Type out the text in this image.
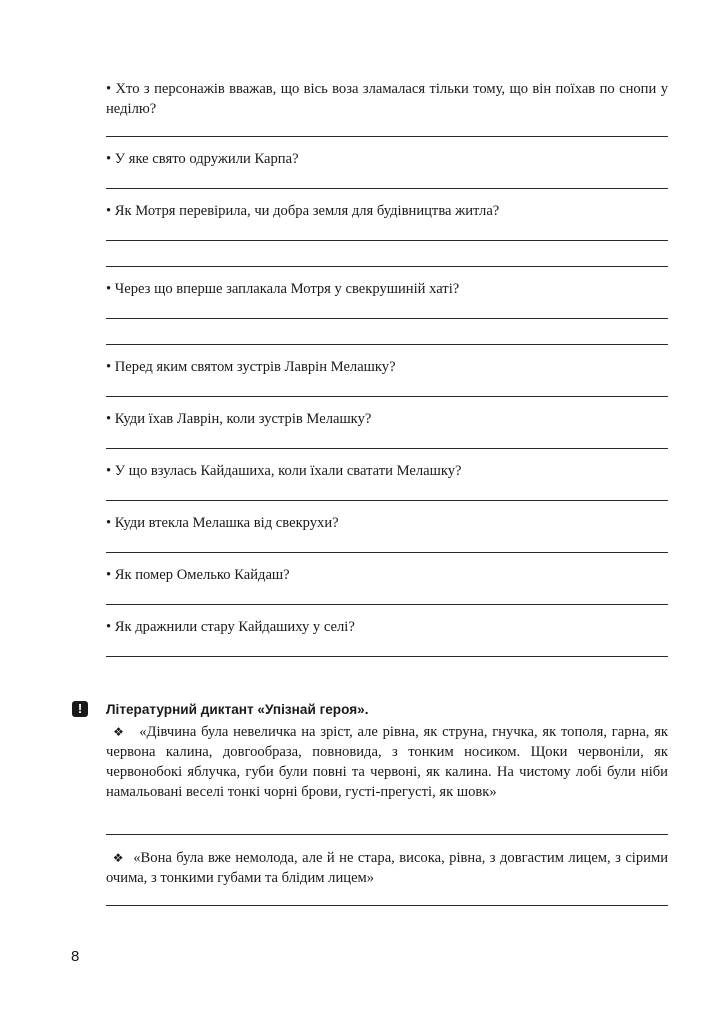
• Хто з персонажів вважав, що вісь воза зламалася тільки тому, що він поїхав по снопи у неділю?
• У яке свято одружили Карпа?
• Як Мотря перевірила, чи добра земля для будівництва житла?
• Через що вперше заплакала Мотря у свекрушиній хаті?
• Перед яким святом зустрів Лаврін Мелашку?
• Куди їхав Лаврін, коли зустрів Мелашку?
• У що взулась Кайдашиха, коли їхали сватати Мелашку?
• Куди втекла Мелашка від свекрухи?
• Як помер Омелько Кайдаш?
• Як дражнили стару Кайдашиху у селі?
! Літературний диктант «Упізнай героя».
❖ «Дівчина була невеличка на зріст, але рівна, як струна, гнучка, як тополя, гарна, як червона калина, довгообраза, повновида, з тонким носиком. Щоки червоніли, як червонобокі яблучка, губи були повні та червоні, як калина. На чистому лобі були ніби намальовані веселі тонкі чорні брови, густі-прегусті, як шовк»
❖ «Вона була вже немолода, але й не стара, висока, рівна, з довгастим лицем, з сірими очима, з тонкими губами та блідим лицем»
8
